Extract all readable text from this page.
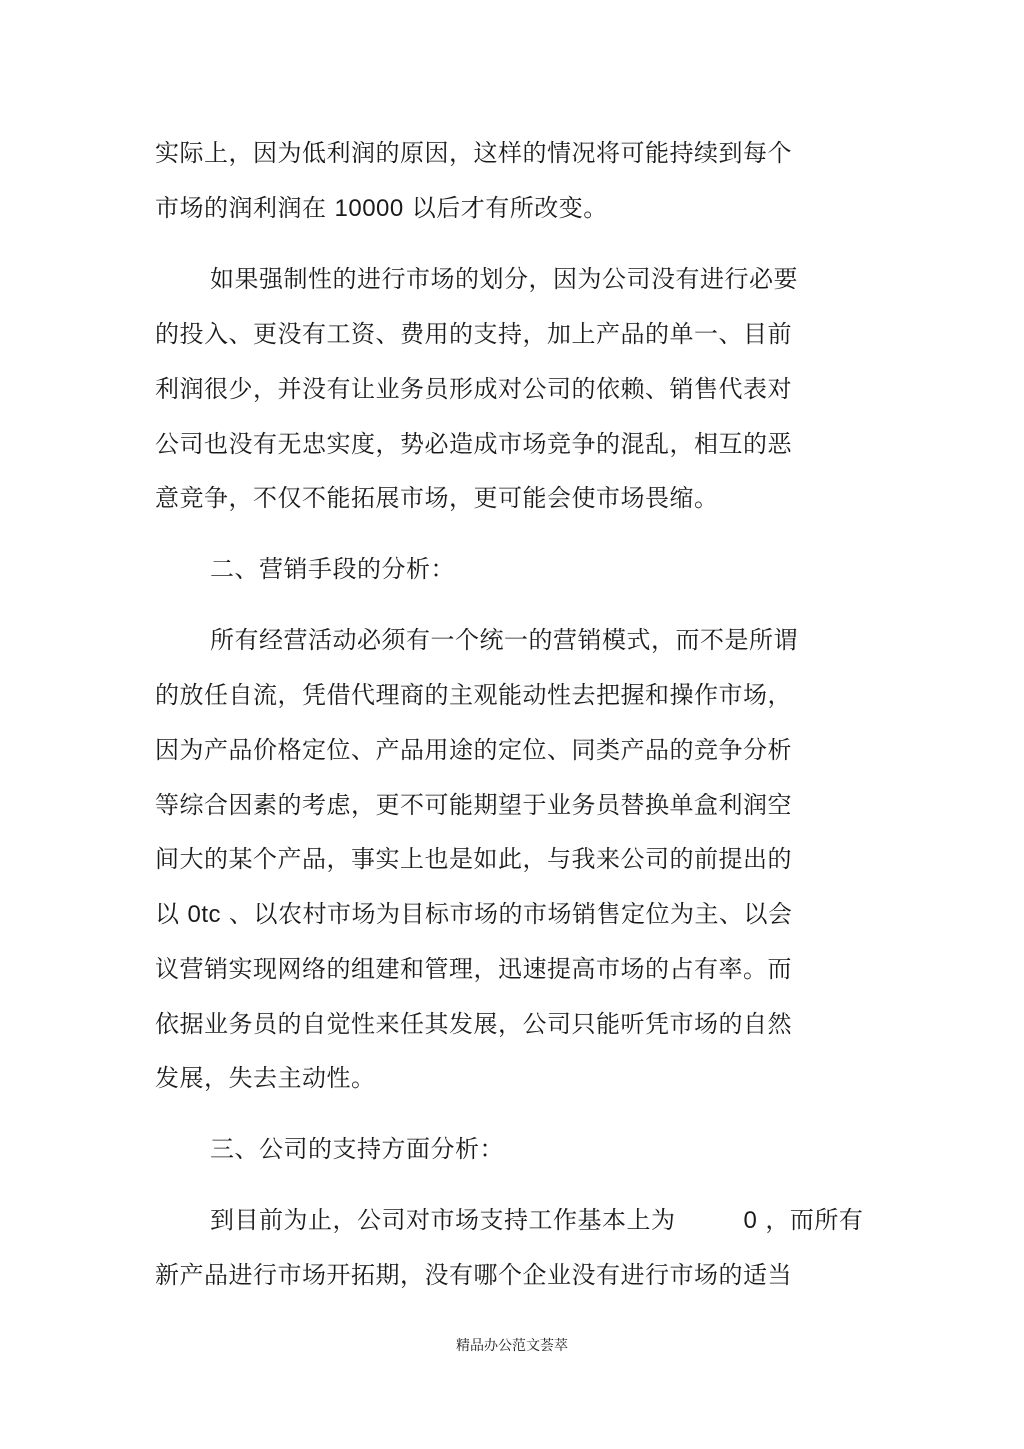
实际上，因为低利润的原因，这样的情况将可能持续到每个
市场的润利润在 10000 以后才有所改变。
如果强制性的进行市场的划分，因为公司没有进行必要
的投入、更没有工资、费用的支持，加上产品的单一、目前
利润很少，并没有让业务员形成对公司的依赖、销售代表对
公司也没有无忠实度，势必造成市场竞争的混乱，相互的恶
意竞争，不仅不能拓展市场，更可能会使市场畏缩。
二、营销手段的分析：
所有经营活动必须有一个统一的营销模式，而不是所谓
的放任自流，凭借代理商的主观能动性去把握和操作市场，
因为产品价格定位、产品用途的定位、同类产品的竞争分析
等综合因素的考虑，更不可能期望于业务员替换单盒利润空
间大的某个产品，事实上也是如此，与我来公司的前提出的
以 0tc 、以农村市场为目标市场的市场销售定位为主、以会
议营销实现网络的组建和管理，迅速提高市场的占有率。而
依据业务员的自觉性来任其发展，公司只能听凭市场的自然
发展，失去主动性。
三、公司的支持方面分析：
到目前为止，公司对市场支持工作基本上为	0 ，而所有
新产品进行市场开拓期，没有哪个企业没有进行市场的适当
精品办公范文荟萃
